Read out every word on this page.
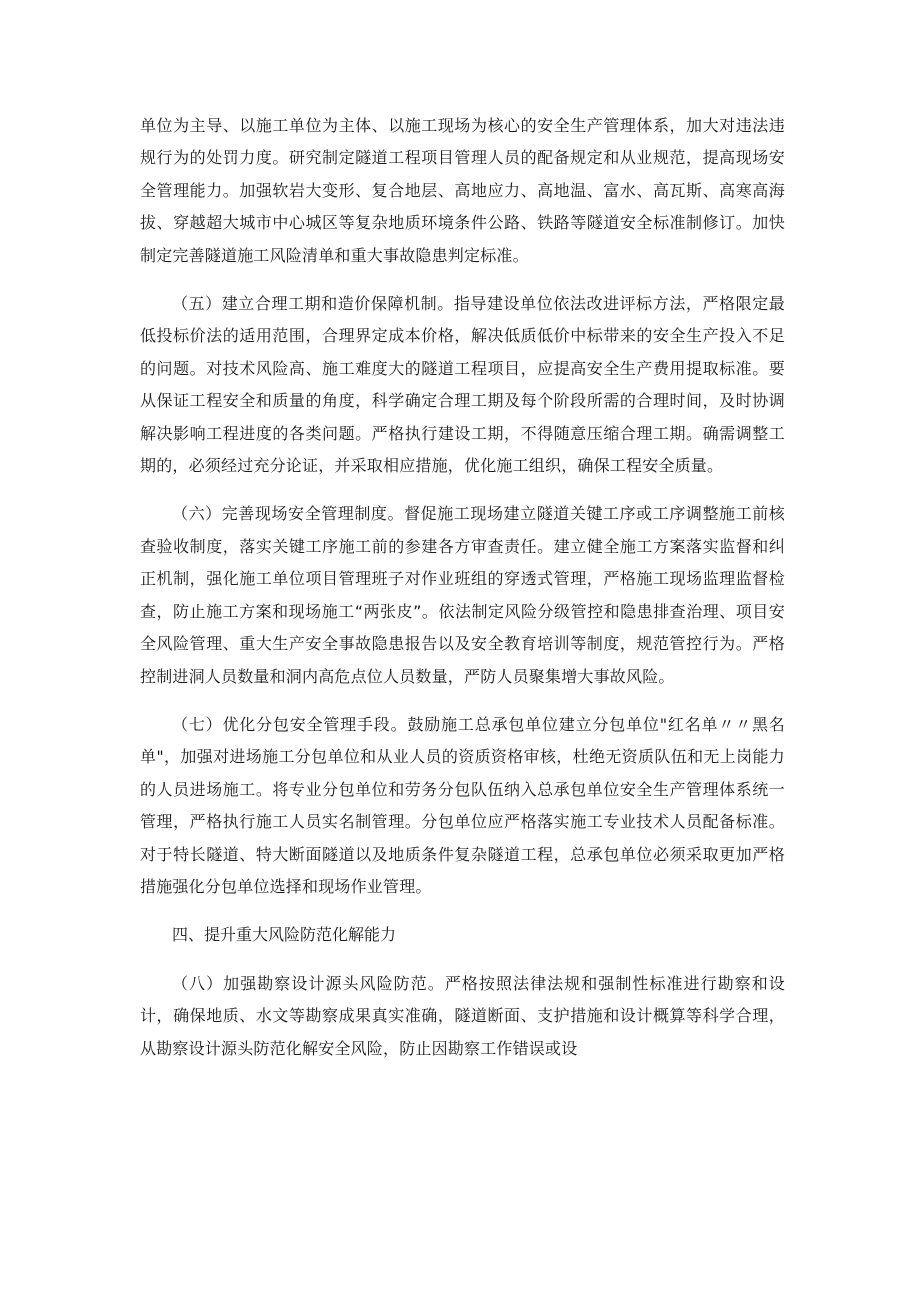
单位为主导、以施工单位为主体、以施工现场为核心的安全生产管理体系，加大对违法违规行为的处罚力度。研究制定隧道工程项目管理人员的配备规定和从业规范，提高现场安全管理能力。加强软岩大变形、复合地层、高地应力、高地温、富水、高瓦斯、高寒高海拔、穿越超大城市中心城区等复杂地质环境条件公路、铁路等隧道安全标准制修订。加快制定完善隧道施工风险清单和重大事故隐患判定标准。

（五）建立合理工期和造价保障机制。指导建设单位依法改进评标方法，严格限定最低投标价法的适用范围，合理界定成本价格，解决低质低价中标带来的安全生产投入不足的问题。对技术风险高、施工难度大的隧道工程项目，应提高安全生产费用提取标准。要从保证工程安全和质量的角度，科学确定合理工期及每个阶段所需的合理时间，及时协调解决影响工程进度的各类问题。严格执行建设工期，不得随意压缩合理工期。确需调整工期的，必须经过充分论证，并采取相应措施，优化施工组织，确保工程安全质量。

（六）完善现场安全管理制度。督促施工现场建立隧道关键工序或工序调整施工前核查验收制度，落实关键工序施工前的参建各方审查责任。建立健全施工方案落实监督和纠正机制，强化施工单位项目管理班子对作业班组的穿透式管理，严格施工现场监理监督检查，防止施工方案和现场施工“两张皮”。依法制定风险分级管控和隐患排查治理、项目安全风险管理、重大生产安全事故隐患报告以及安全教育培训等制度，规范管控行为。严格控制进洞人员数量和洞内高危点位人员数量，严防人员聚集增大事故风险。

（七）优化分包安全管理手段。鼓励施工总承包单位建立分包单位"红名单〃〃黑名单"，加强对进场施工分包单位和从业人员的资质资格审核，杜绝无资质队伍和无上岗能力的人员进场施工。将专业分包单位和劳务分包队伍纳入总承包单位安全生产管理体系统一管理，严格执行施工人员实名制管理。分包单位应严格落实施工专业技术人员配备标准。对于特长隧道、特大断面隧道以及地质条件复杂隧道工程，总承包单位必须采取更加严格措施强化分包单位选择和现场作业管理。

四、提升重大风险防范化解能力

（八）加强勘察设计源头风险防范。严格按照法律法规和强制性标准进行勘察和设计，确保地质、水文等勘察成果真实准确，隧道断面、支护措施和设计概算等科学合理，从勘察设计源头防范化解安全风险，防止因勘察工作错误或设
